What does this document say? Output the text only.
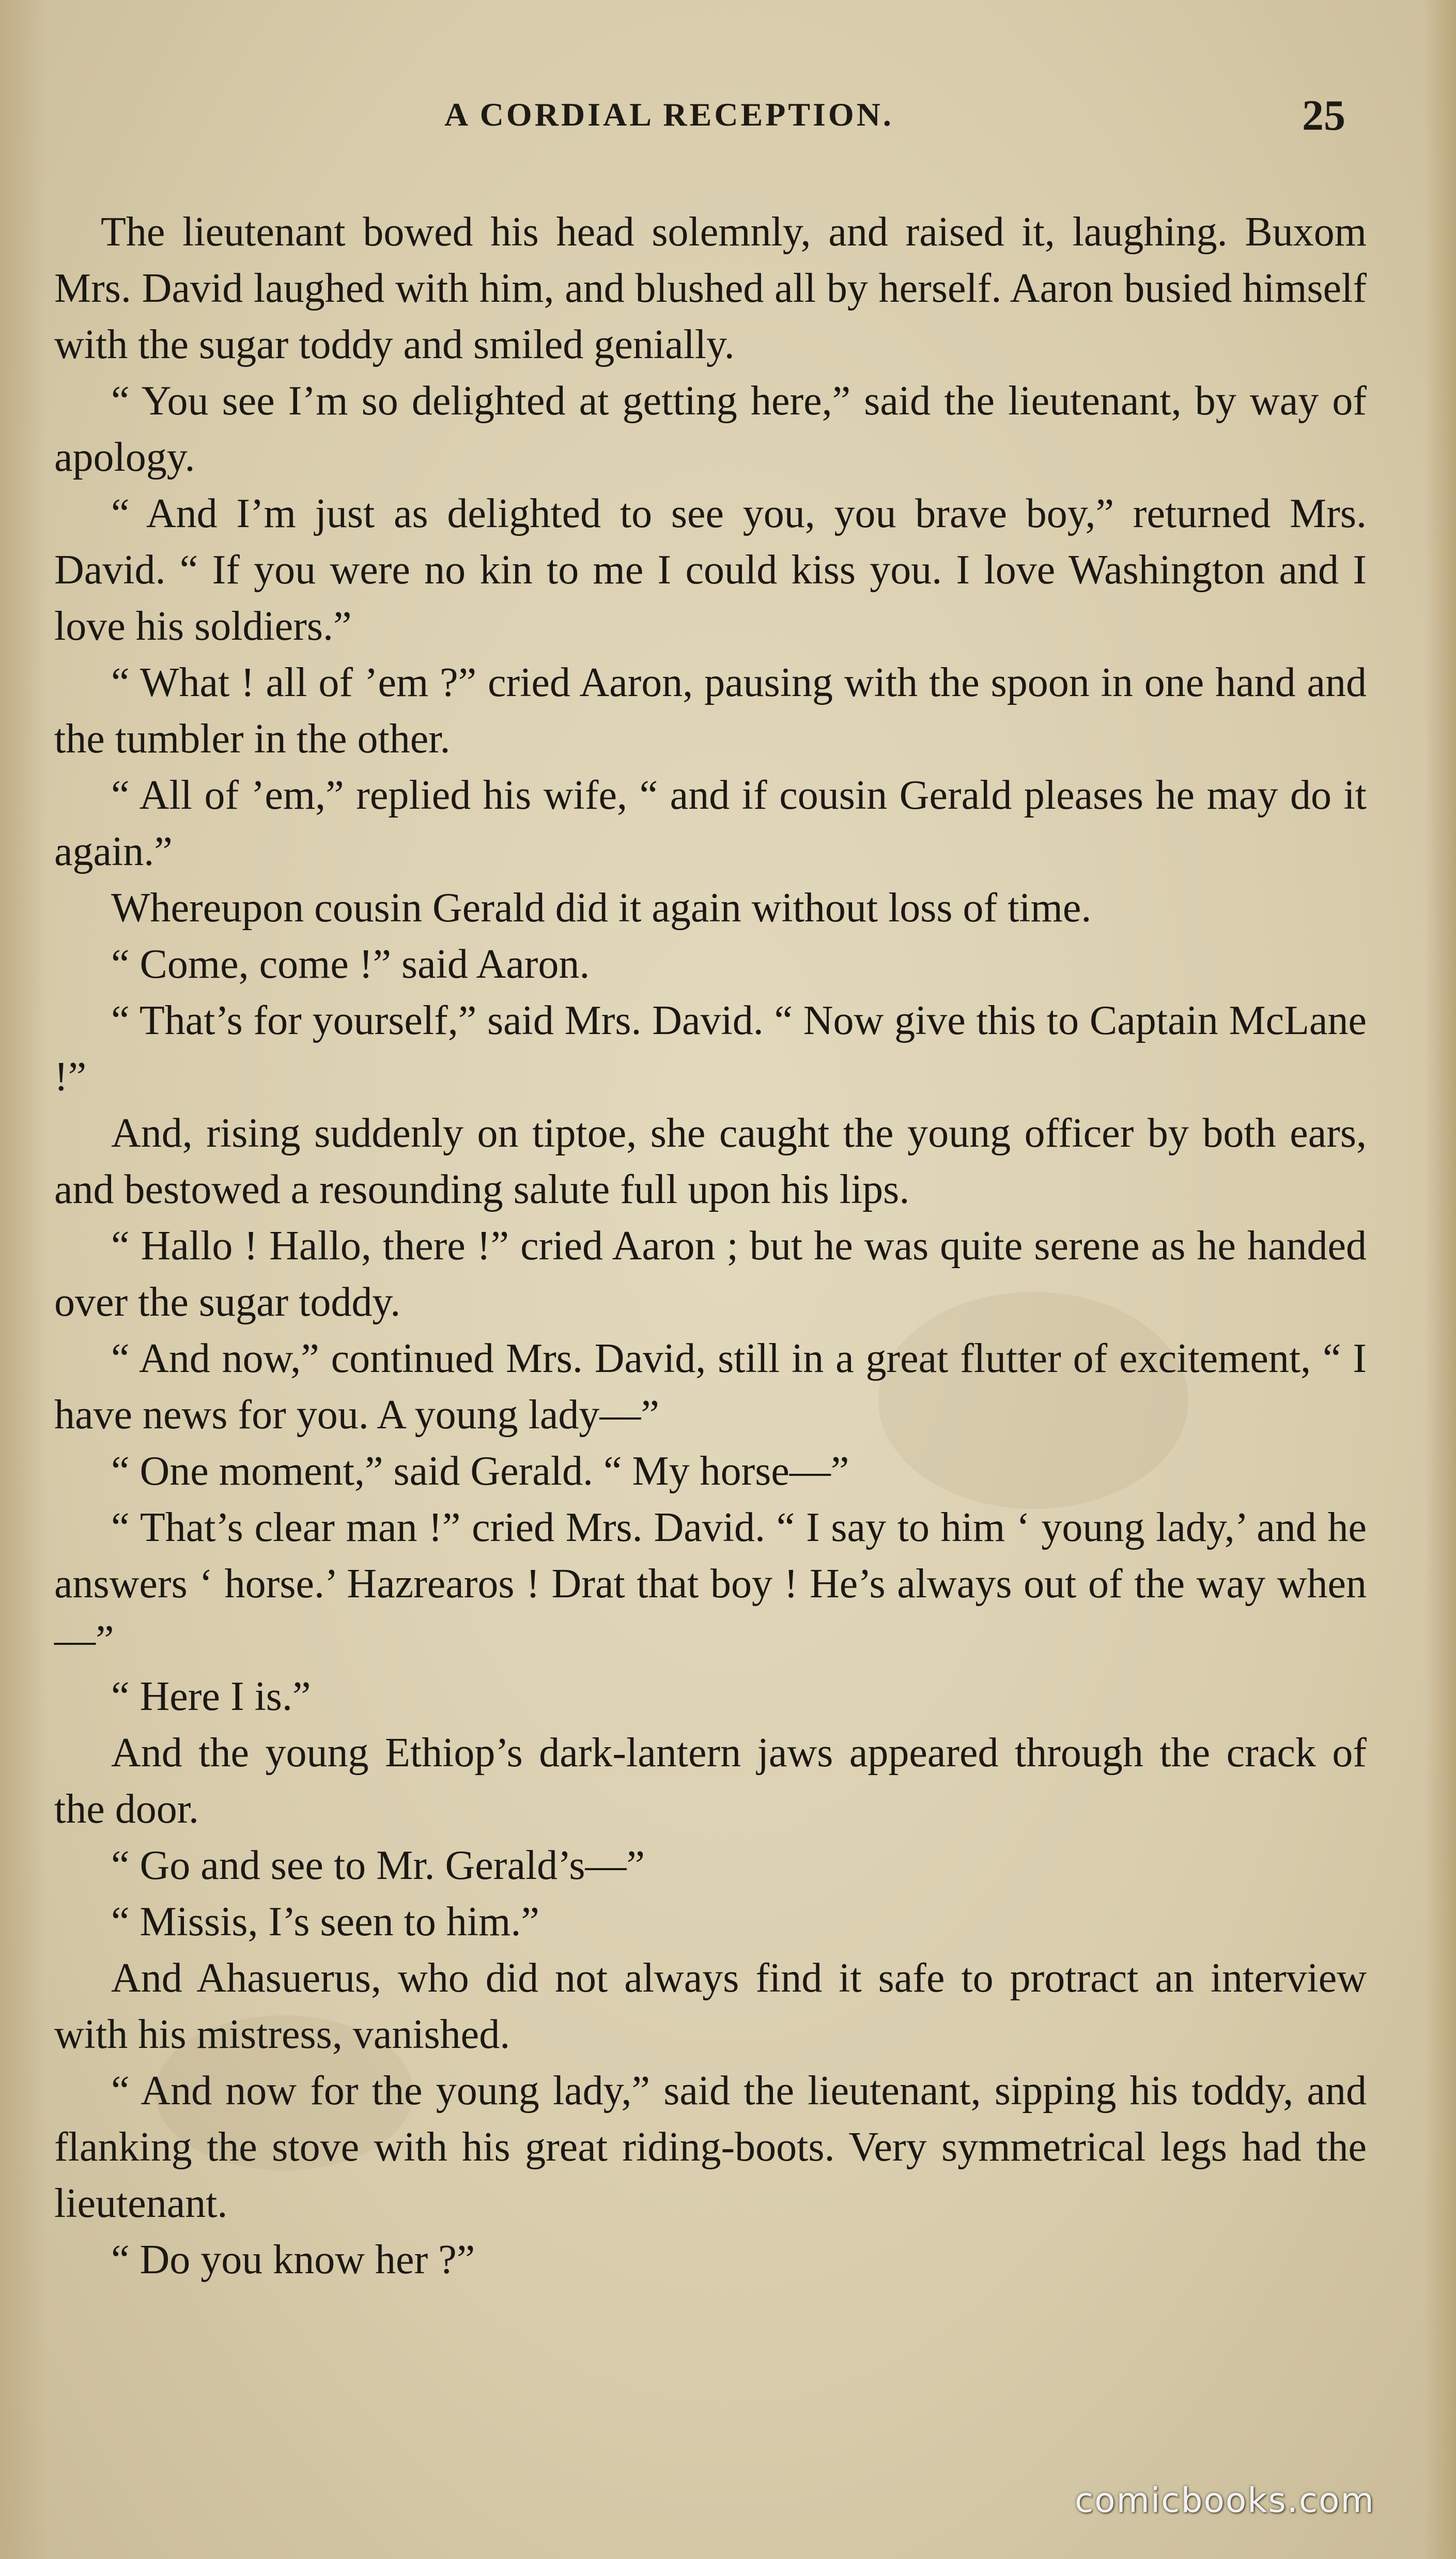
A CORDIAL RECEPTION.	25

The lieutenant bowed his head solemnly, and raised it, laughing. Buxom Mrs. David laughed with him, and blushed all by herself. Aaron busied himself with the sugar toddy and smiled genially.

“ You see I’m so delighted at getting here,” said the lieutenant, by way of apology.

“ And I’m just as delighted to see you, you brave boy,” returned Mrs. David. “ If you were no kin to me I could kiss you. I love Washington and I love his soldiers.”

“ What ! all of ’em ?” cried Aaron, pausing with the spoon in one hand and the tumbler in the other.

“ All of ’em,” replied his wife, “ and if cousin Gerald pleases he may do it again.”

Whereupon cousin Gerald did it again without loss of time.

“ Come, come !” said Aaron.

“ That’s for yourself,” said Mrs. David. “ Now give this to Captain McLane !”

And, rising suddenly on tiptoe, she caught the young officer by both ears, and bestowed a resounding salute full upon his lips.

“ Hallo ! Hallo, there !” cried Aaron ; but he was quite serene as he handed over the sugar toddy.

“ And now,” continued Mrs. David, still in a great flutter of excitement, “ I have news for you. A young lady—”

“ One moment,” said Gerald. “ My horse—”

“ That’s clear man !” cried Mrs. David. “ I say to him ‘ young lady,’ and he answers ‘ horse.’ Hazrearos ! Drat that boy ! He’s always out of the way when—”

“ Here I is.”

And the young Ethiop’s dark-lantern jaws appeared through the crack of the door.

“ Go and see to Mr. Gerald’s—”

“ Missis, I’s seen to him.”

And Ahasuerus, who did not always find it safe to protract an interview with his mistress, vanished.

“ And now for the young lady,” said the lieutenant, sipping his toddy, and flanking the stove with his great riding-boots. Very symmetrical legs had the lieutenant.

“ Do you know her ?”

comicbooks.com
